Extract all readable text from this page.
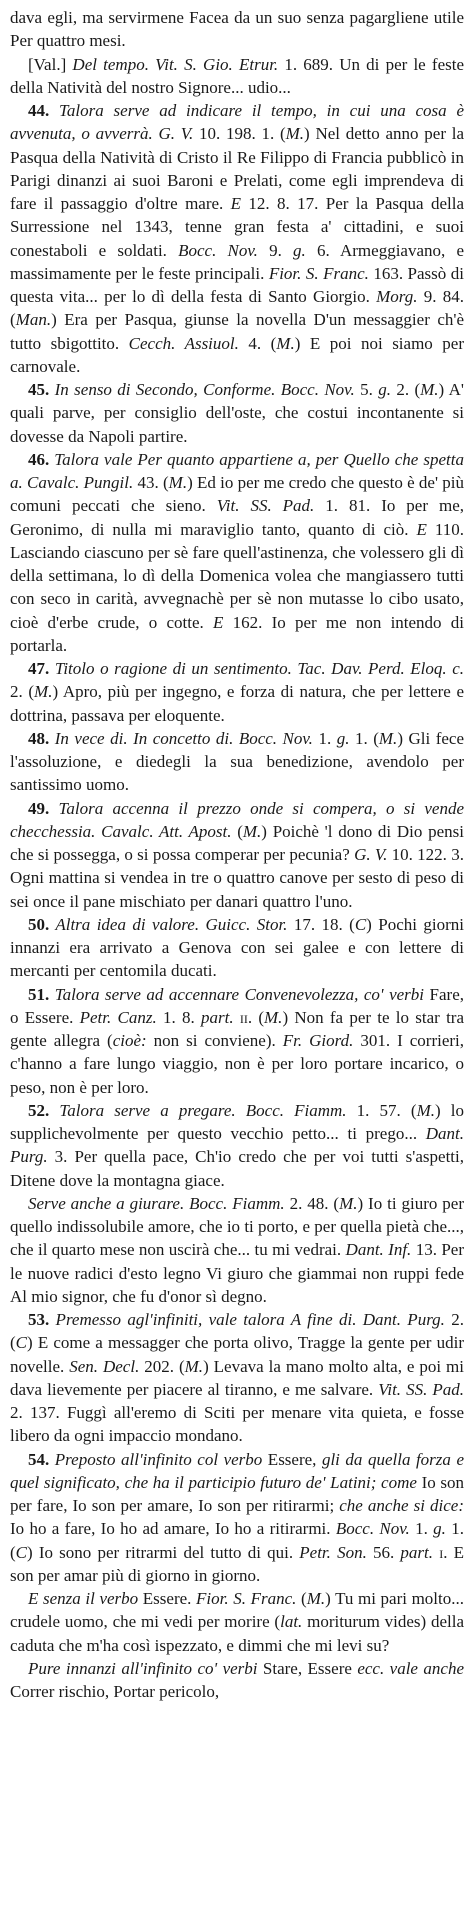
dava egli, ma servirmene Facea da un suo senza pagargliene utile Per quattro mesi.

[Val.] Del tempo. Vit. S. Gio. Etrur. 1. 689. Un di per le feste della Natività del nostro Signore... udio...

44. Talora serve ad indicare il tempo, in cui una cosa è avvenuta, o avverrà. G. V. 10. 198. 1. (M.) Nel detto anno per la Pasqua della Natività di Cristo il Re Filippo di Francia pubblicò in Parigi dinanzi ai suoi Baroni e Prelati, come egli imprendeva di fare il passaggio d'oltre mare. E 12. 8. 17. Per la Pasqua della Surressione nel 1343, tenne gran festa a' cittadini, e suoi conestaboli e soldati. Bocc. Nov. 9. g. 6. Armeggiavano, e massimamente per le feste principali. Fior. S. Franc. 163. Passò di questa vita... per lo dì della festa di Santo Giorgio. Morg. 9. 84. (Man.) Era per Pasqua, giunse la novella D'un messaggier ch'è tutto sbigottito. Cecch. Assiuol. 4. (M.) E poi noi siamo per carnovale.

45. In senso di Secondo, Conforme. Bocc. Nov. 5. g. 2. (M.) A' quali parve, per consiglio dell'oste, che costui incontanente si dovesse da Napoli partire.

46. Talora vale Per quanto appartiene a, per Quello che spetta a. Cavalc. Pungil. 43. (M.) Ed io per me credo che questo è de' più comuni peccati che sieno. Vit. SS. Pad. 1. 81. Io per me, Geronimo, di nulla mi maraviglio tanto, quanto di ciò. E 110. Lasciando ciascuno per sè fare quell'astinenza, che volessero gli dì della settimana, lo dì della Domenica volea che mangiassero tutti con seco in carità, avvegnachè per sè non mutasse lo cibo usato, cioè d'erbe crude, o cotte. E 162. Io per me non intendo di portarla.

47. Titolo o ragione di un sentimento. Tac. Dav. Perd. Eloq. c. 2. (M.) Apro, più per ingegno, e forza di natura, che per lettere e dottrina, passava per eloquente.

48. In vece di. In concetto di. Bocc. Nov. 1. g. 1. (M.) Gli fece l'assoluzione, e diedegli la sua benedizione, avendolo per santissimo uomo.

49. Talora accenna il prezzo onde si compera, o si vende checchessia. Cavalc. Att. Apost. (M.) Poichè 'l dono di Dio pensi che si possegga, o si possa comperar per pecunia? G. V. 10. 122. 3. Ogni mattina si vendea in tre o quattro canove per sesto di peso di sei once il pane mischiato per danari quattro l'uno.

50. Altra idea di valore. Guicc. Stor. 17. 18. (C) Pochi giorni innanzi era arrivato a Genova con sei galee e con lettere di mercanti per centomila ducati.

51. Talora serve ad accennare Convenevolezza, co' verbi Fare, o Essere. Petr. Canz. 1. 8. part. ii. (M.) Non fa per te lo star tra gente allegra (cioè: non si conviene). Fr. Giord. 301. I corrieri, c'hanno a fare lungo viaggio, non è per loro portare incarico, o peso, non è per loro.

52. Talora serve a pregare. Bocc. Fiamm. 1. 57. (M.) lo supplichevolmente per questo vecchio petto... ti prego... Dant. Purg. 3. Per quella pace, Ch'io credo che per voi tutti s'aspetti, Ditene dove la montagna giace.

Serve anche a giurare. Bocc. Fiamm. 2. 48. (M.) Io ti giuro per quello indissolubile amore, che io ti porto, e per quella pietà che..., che il quarto mese non uscirà che... tu mi vedrai. Dant. Inf. 13. Per le nuove radici d'esto legno Vi giuro che giammai non ruppi fede Al mio signor, che fu d'onor sì degno.

53. Premesso agl'infiniti, vale talora A fine di. Dant. Purg. 2. (C) E come a messagger che porta olivo, Tragge la gente per udir novelle. Sen. Decl. 202. (M.) Levava la mano molto alta, e poi mi dava lievemente per piacere al tiranno, e me salvare. Vit. SS. Pad. 2. 137. Fuggì all'eremo di Sciti per menare vita quieta, e fosse libero da ogni impaccio mondano.

54. Preposto all'infinito col verbo Essere, gli da quella forza e quel significato, che ha il participio futuro de' Latini; come Io son per fare, Io son per amare, Io son per ritirarmi; che anche si dice: Io ho a fare, Io ho ad amare, Io ho a ritirarmi. Bocc. Nov. 1. g. 1. (C) Io sono per ritrarmi del tutto di qui. Petr. Son. 56. part. i. E son per amar più di giorno in giorno.

E senza il verbo Essere. Fior. S. Franc. (M.) Tu mi pari molto... crudele uomo, che mi vedi per morire (lat. moriturum vides) della caduta che m'ha così ispezzato, e dimmi che mi levi su?

Pure innanzi all'infinito co' verbi Stare, Essere ecc. vale anche Correr rischio, Portar pericolo,
